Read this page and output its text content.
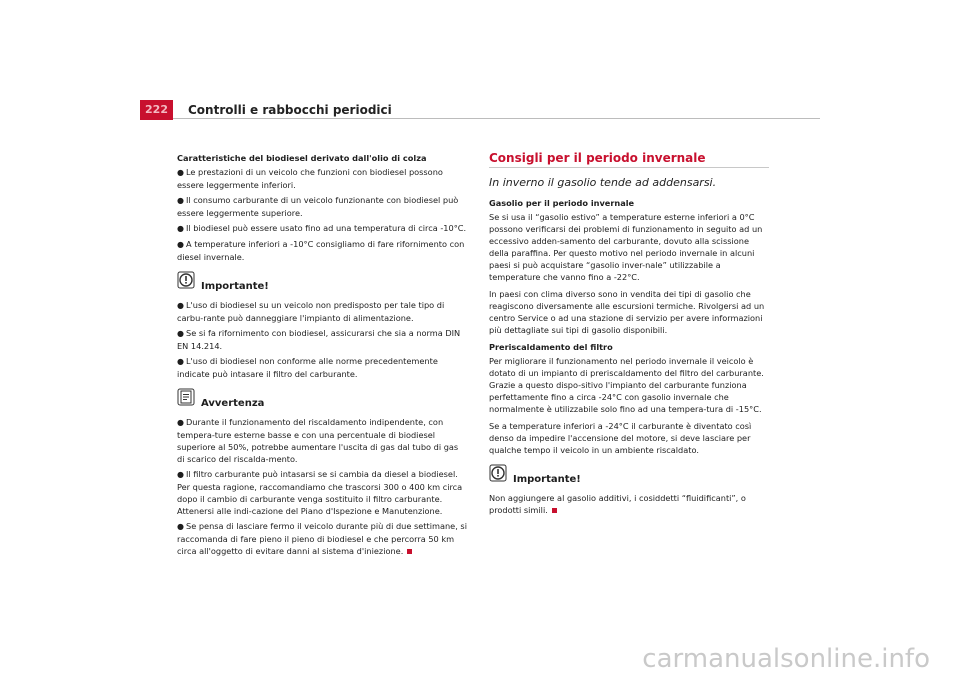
222	Controlli e rabbocchi periodici
Caratteristiche del biodiesel derivato dall'olio di colza
● Le prestazioni di un veicolo che funzioni con biodiesel possono essere leggermente inferiori.
● Il consumo carburante di un veicolo funzionante con biodiesel può essere leggermente superiore.
● Il biodiesel può essere usato fino ad una temperatura di circa -10°C.
● A temperature inferiori a -10°C consigliamo di fare rifornimento con diesel invernale.
Importante!
● L'uso di biodiesel su un veicolo non predisposto per tale tipo di carbu-rante può danneggiare l'impianto di alimentazione.
● Se si fa rifornimento con biodiesel, assicurarsi che sia a norma DIN EN 14.214.
● L'uso di biodiesel non conforme alle norme precedentemente indicate può intasare il filtro del carburante.
Avvertenza
● Durante il funzionamento del riscaldamento indipendente, con tempera-ture esterne basse e con una percentuale di biodiesel superiore al 50%, potrebbe aumentare l'uscita di gas dal tubo di gas di scarico del riscalda-mento.
● Il filtro carburante può intasarsi se si cambia da diesel a biodiesel. Per questa ragione, raccomandiamo che trascorsi 300 o 400 km circa dopo il cambio di carburante venga sostituito il filtro carburante. Attenersi alle indi-cazione del Piano d'Ispezione e Manutenzione.
● Se pensa di lasciare fermo il veicolo durante più di due settimane, si raccomanda di fare pieno il pieno di biodiesel e che percorra 50 km circa all'oggetto di evitare danni al sistema d'iniezione.
Consigli per il periodo invernale
In inverno il gasolio tende ad addensarsi.
Gasolio per il periodo invernale

Se si usa il “gasolio estivo” a temperature esterne inferiori a 0°C possono verificarsi dei problemi di funzionamento in seguito ad un eccessivo adden-samento del carburante, dovuto alla scissione della paraffina. Per questo motivo nel periodo invernale in alcuni paesi si può acquistare “gasolio inver-nale” utilizzabile a temperature che vanno fino a -22°C.

In paesi con clima diverso sono in vendita dei tipi di gasolio che reagiscono diversamente alle escursioni termiche. Rivolgersi ad un centro Service o ad una stazione di servizio per avere informazioni più dettagliate sui tipi di gasolio disponibili.

Preriscaldamento del filtro

Per migliorare il funzionamento nel periodo invernale il veicolo è dotato di un impianto di preriscaldamento del filtro del carburante. Grazie a questo dispo-sitivo l'impianto del carburante funziona perfettamente fino a circa -24°C con gasolio invernale che normalmente è utilizzabile solo fino ad una tempera-tura di -15°C.

Se a temperature inferiori a -24°C il carburante è diventato così denso da impedire l'accensione del motore, si deve lasciare per qualche tempo il veicolo in un ambiente riscaldato.

Importante!

Non aggiungere al gasolio additivi, i cosiddetti “fluidificanti”, o prodotti simili.

carmanualsonline.info
